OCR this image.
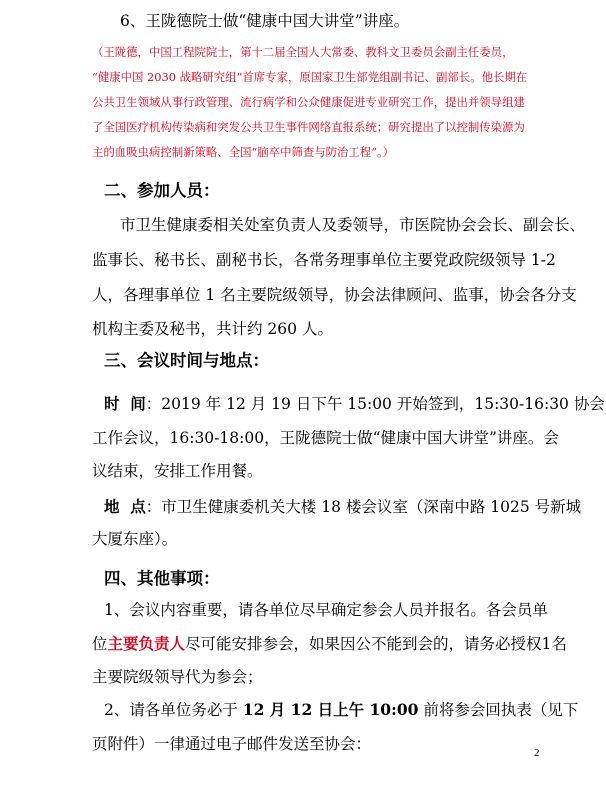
6、王陇德院士做“健康中国大讲堂”讲座。
（王陇德，中国工程院院士，第十二届全国人大常委、教科文卫委员会副主任委员，
“健康中国 2030 战略研究组”首席专家，原国家卫生部党组副书记、副部长。他长期在
公共卫生领域从事行政管理、流行病学和公众健康促进专业研究工作，提出并领导组建
了全国医疗机构传染病和突发公共卫生事件网络直报系统；研究提出了以控制传染源为
主的血吸虫病控制新策略、全国“脑卒中筛查与防治工程”。）
二、参加人员：
市卫生健康委相关处室负责人及委领导，市医院协会会长、副会长、
监事长、秘书长、副秘书长，各常务理事单位主要党政院级领导 1-2
人，各理事单位 1 名主要院级领导，协会法律顾问、监事，协会各分支
机构主委及秘书，共计约 260 人。
三、会议时间与地点：
时  间：2019 年 12 月 19 日下午 15:00 开始签到，15:30-16:30 协会
工作会议，16:30-18:00，王陇德院士做“健康中国大讲堂”讲座。会
议结束，安排工作用餐。
地  点：市卫生健康委机关大楼 18 楼会议室（深南中路 1025 号新城
大厦东座）。
四、其他事项：
1、会议内容重要，请各单位尽早确定参会人员并报名。各会员单
位主要负责人尽可能安排参会，如果因公不能到会的，请务必授权1名
主要院级领导代为参会；
2、请各单位务必于 12 月 12 日上午 10:00 前将参会回执表（见下
页附件）一律通过电子邮件发送至协会：	2
